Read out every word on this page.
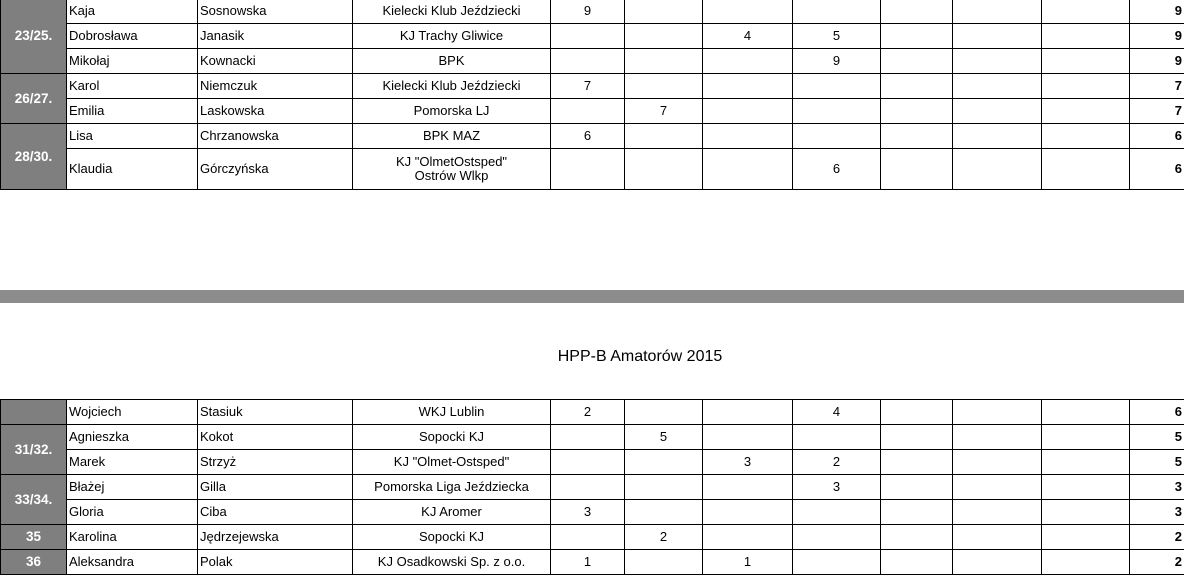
23/25.	Kaja	Sosnowska	Kielecki Klub Jeździecki	9							9
	Dobrosława	Janasik	KJ Trachy Gliwice			4	5				9
	Mikołaj	Kownacki	BPK				9				9
26/27.	Karol	Niemczuk	Kielecki Klub Jeździecki	7							7
	Emilia	Laskowska	Pomorska LJ		7						7
28/30.	Lisa	Chrzanowska	BPK MAZ	6							6
	Klaudia	Górczyńska	KJ "OlmetOstsped"
Ostrów Wlkp				6				6
HPP-B Amatorów 2015
	Wojciech	Stasiuk	WKJ Lublin	2			4				6
31/32.	Agnieszka	Kokot	Sopocki KJ		5						5
	Marek	Strzyż	KJ "Olmet-Ostsped"			3	2				5
33/34.	Błażej	Gilla	Pomorska Liga Jeździecka				3				3
	Gloria	Ciba	KJ Aromer	3							3
35	Karolina	Jędrzejewska	Sopocki KJ		2						2
36	Aleksandra	Polak	KJ Osadkowski Sp. z o.o.	1		1					2
